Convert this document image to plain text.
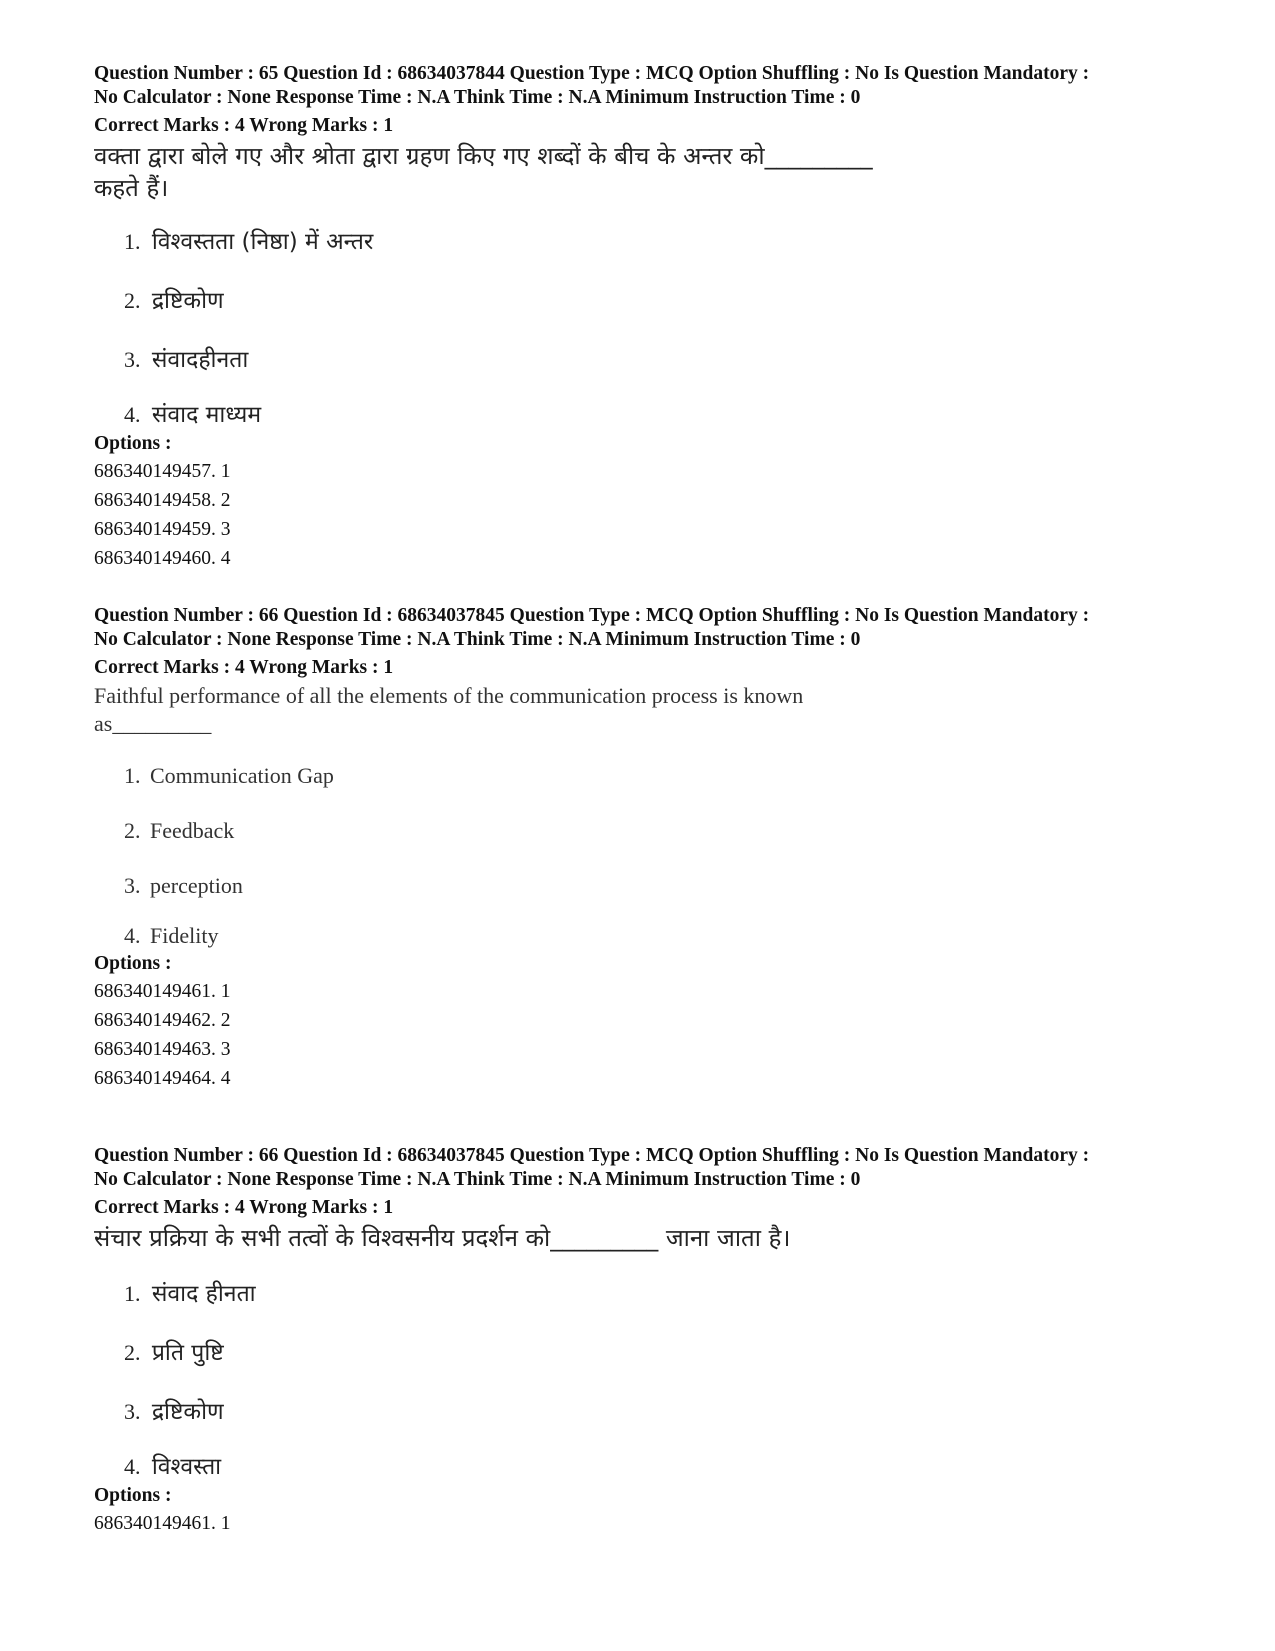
Question Number : 65 Question Id : 68634037844 Question Type : MCQ Option Shuffling : No Is Question Mandatory :

No Calculator : None Response Time : N.A Think Time : N.A Minimum Instruction Time : 0

Correct Marks : 4 Wrong Marks : 1

वक्ता द्वारा बोले गए और श्रोता द्वारा ग्रहण किए गए शब्दों के बीच के अन्तर को_________ कहते हैं।

1. विश्वस्तता (निष्ठा) में अन्तर
2. द्रष्टिकोण
3. संवादहीनता
4. संवाद माध्यम

Options :

686340149457. 1

686340149458. 2

686340149459. 3

686340149460. 4

Question Number : 66 Question Id : 68634037845 Question Type : MCQ Option Shuffling : No Is Question Mandatory :

No Calculator : None Response Time : N.A Think Time : N.A Minimum Instruction Time : 0

Correct Marks : 4 Wrong Marks : 1

Faithful performance of all the elements of the communication process is known as_________

1. Communication Gap
2. Feedback
3. perception
4. Fidelity

Options :

686340149461. 1

686340149462. 2

686340149463. 3

686340149464. 4

Question Number : 66 Question Id : 68634037845 Question Type : MCQ Option Shuffling : No Is Question Mandatory :

No Calculator : None Response Time : N.A Think Time : N.A Minimum Instruction Time : 0

Correct Marks : 4 Wrong Marks : 1

संचार प्रक्रिया के सभी तत्वों के विश्वसनीय प्रदर्शन को_________ जाना जाता है।

1. संवाद हीनता
2. प्रति पुष्टि
3. द्रष्टिकोण
4. विश्वस्ता

Options :

686340149461. 1
